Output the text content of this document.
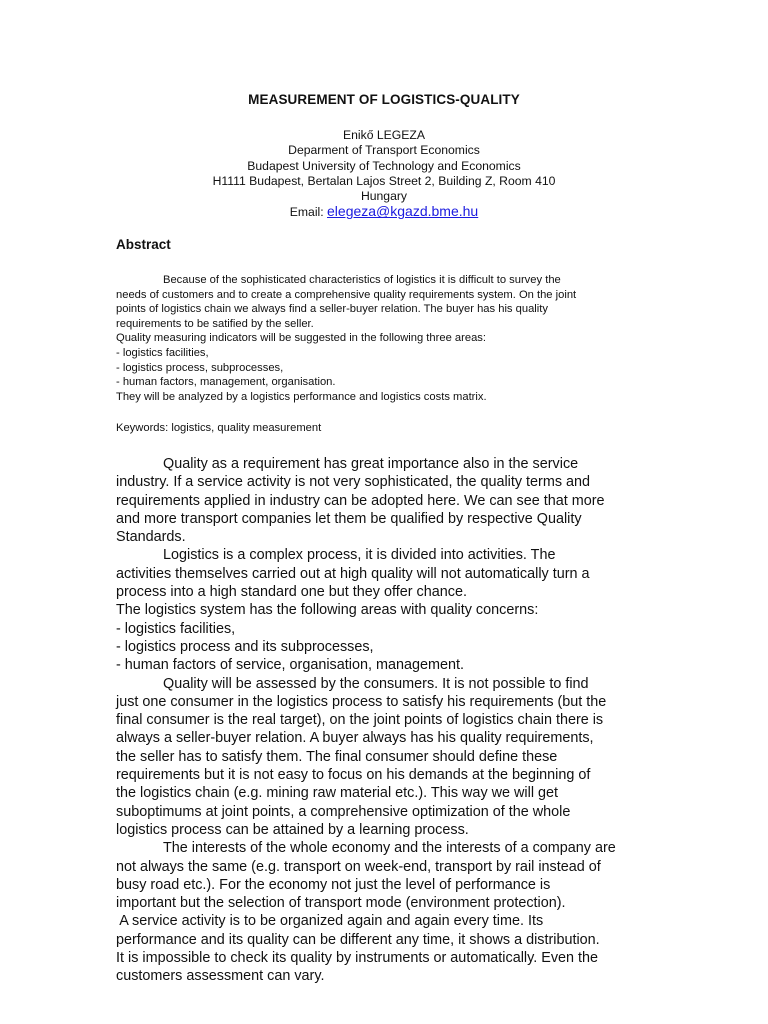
MEASUREMENT OF LOGISTICS-QUALITY
Enikő LEGEZA
Deparment of Transport Economics
Budapest University of Technology and Economics
H1111 Budapest, Bertalan Lajos Street 2, Building Z, Room 410
Hungary
Email: elegeza@kgazd.bme.hu
Abstract
Because of the sophisticated characteristics of logistics it is difficult to survey the
needs of customers and to create a comprehensive quality requirements system. On the joint
points of logistics chain we always find a seller-buyer relation. The buyer has his quality
requirements to be satified by the seller.
Quality measuring indicators will be suggested in the following three areas:
- logistics facilities,
- logistics process, subprocesses,
- human factors, management, organisation.
They will be analyzed by a logistics performance and logistics costs matrix.
Keywords: logistics, quality measurement
Quality as a requirement has great importance also in the service
industry. If a service activity is not very sophisticated, the quality terms and
requirements applied in industry can be adopted here. We can see that more
and more transport companies let them be qualified by respective Quality
Standards.
Logistics is a complex process, it is divided into activities. The
activities themselves carried out at high quality will not automatically turn a
process into a high standard one but they offer chance.
The logistics system has the following areas with quality concerns:
- logistics facilities,
- logistics process and its subprocesses,
- human factors of service, organisation, management.
Quality will be assessed by the consumers. It is not possible to find
just one consumer in the logistics process to satisfy his requirements (but the
final consumer is the real target), on the joint points of logistics chain there is
always a seller-buyer relation. A buyer always has his quality requirements,
the seller has to satisfy them. The final consumer should define these
requirements but it is not easy to focus on his demands at the beginning of
the logistics chain (e.g. mining raw material etc.). This way we will get
suboptimums at joint points, a comprehensive optimization of the whole
logistics process can be attained by a learning process.
The interests of the whole economy and the interests of a company are
not always the same (e.g. transport on week-end, transport by rail instead of
busy road etc.). For the economy not just the level of performance is
important but the selection of transport mode (environment protection).
A service activity is to be organized again and again every time. Its
performance and its quality can be different any time, it shows a distribution.
It is impossible to check its quality by instruments or automatically. Even the
customers assessment can vary.
